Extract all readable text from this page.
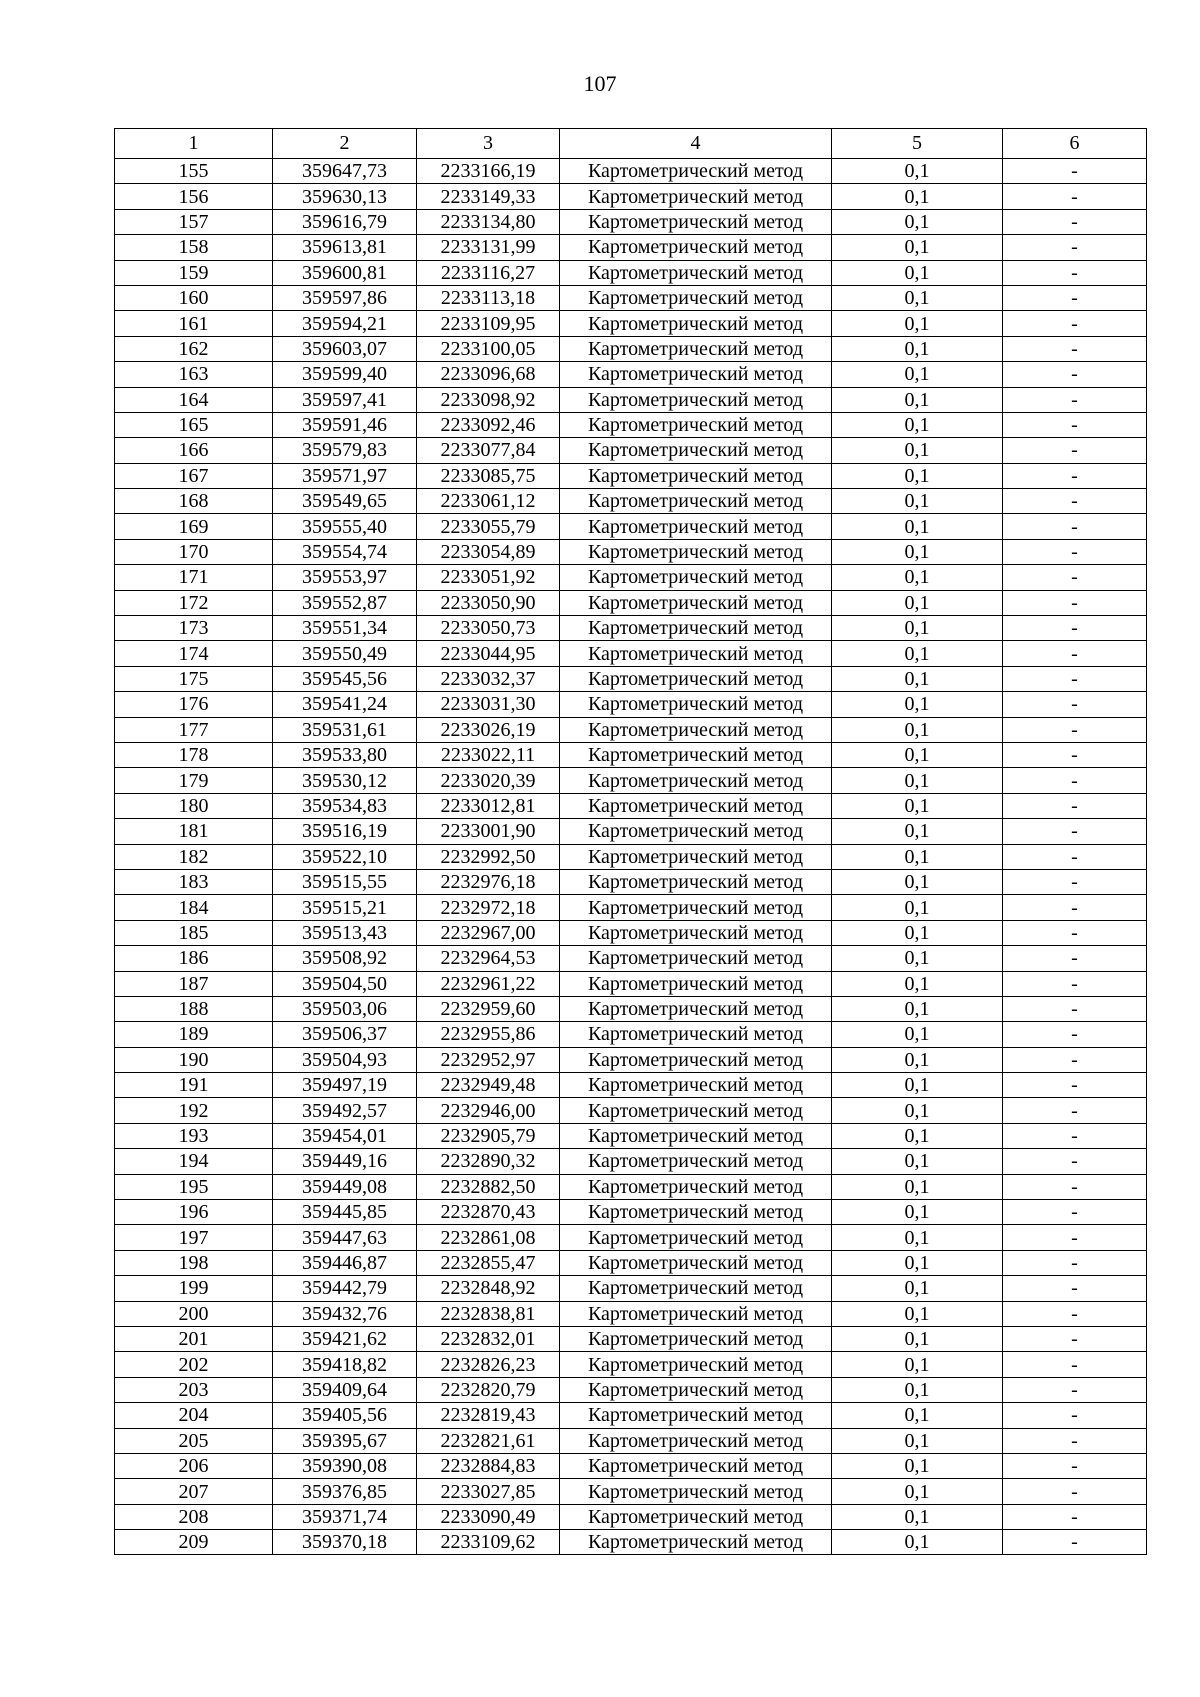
107
1	2	3	4	5	6
155	359647,73	2233166,19	Картометрический метод	0,1	-
156	359630,13	2233149,33	Картометрический метод	0,1	-
157	359616,79	2233134,80	Картометрический метод	0,1	-
158	359613,81	2233131,99	Картометрический метод	0,1	-
159	359600,81	2233116,27	Картометрический метод	0,1	-
160	359597,86	2233113,18	Картометрический метод	0,1	-
161	359594,21	2233109,95	Картометрический метод	0,1	-
162	359603,07	2233100,05	Картометрический метод	0,1	-
163	359599,40	2233096,68	Картометрический метод	0,1	-
164	359597,41	2233098,92	Картометрический метод	0,1	-
165	359591,46	2233092,46	Картометрический метод	0,1	-
166	359579,83	2233077,84	Картометрический метод	0,1	-
167	359571,97	2233085,75	Картометрический метод	0,1	-
168	359549,65	2233061,12	Картометрический метод	0,1	-
169	359555,40	2233055,79	Картометрический метод	0,1	-
170	359554,74	2233054,89	Картометрический метод	0,1	-
171	359553,97	2233051,92	Картометрический метод	0,1	-
172	359552,87	2233050,90	Картометрический метод	0,1	-
173	359551,34	2233050,73	Картометрический метод	0,1	-
174	359550,49	2233044,95	Картометрический метод	0,1	-
175	359545,56	2233032,37	Картометрический метод	0,1	-
176	359541,24	2233031,30	Картометрический метод	0,1	-
177	359531,61	2233026,19	Картометрический метод	0,1	-
178	359533,80	2233022,11	Картометрический метод	0,1	-
179	359530,12	2233020,39	Картометрический метод	0,1	-
180	359534,83	2233012,81	Картометрический метод	0,1	-
181	359516,19	2233001,90	Картометрический метод	0,1	-
182	359522,10	2232992,50	Картометрический метод	0,1	-
183	359515,55	2232976,18	Картометрический метод	0,1	-
184	359515,21	2232972,18	Картометрический метод	0,1	-
185	359513,43	2232967,00	Картометрический метод	0,1	-
186	359508,92	2232964,53	Картометрический метод	0,1	-
187	359504,50	2232961,22	Картометрический метод	0,1	-
188	359503,06	2232959,60	Картометрический метод	0,1	-
189	359506,37	2232955,86	Картометрический метод	0,1	-
190	359504,93	2232952,97	Картометрический метод	0,1	-
191	359497,19	2232949,48	Картометрический метод	0,1	-
192	359492,57	2232946,00	Картометрический метод	0,1	-
193	359454,01	2232905,79	Картометрический метод	0,1	-
194	359449,16	2232890,32	Картометрический метод	0,1	-
195	359449,08	2232882,50	Картометрический метод	0,1	-
196	359445,85	2232870,43	Картометрический метод	0,1	-
197	359447,63	2232861,08	Картометрический метод	0,1	-
198	359446,87	2232855,47	Картометрический метод	0,1	-
199	359442,79	2232848,92	Картометрический метод	0,1	-
200	359432,76	2232838,81	Картометрический метод	0,1	-
201	359421,62	2232832,01	Картометрический метод	0,1	-
202	359418,82	2232826,23	Картометрический метод	0,1	-
203	359409,64	2232820,79	Картометрический метод	0,1	-
204	359405,56	2232819,43	Картометрический метод	0,1	-
205	359395,67	2232821,61	Картометрический метод	0,1	-
206	359390,08	2232884,83	Картометрический метод	0,1	-
207	359376,85	2233027,85	Картометрический метод	0,1	-
208	359371,74	2233090,49	Картометрический метод	0,1	-
209	359370,18	2233109,62	Картометрический метод	0,1	-
